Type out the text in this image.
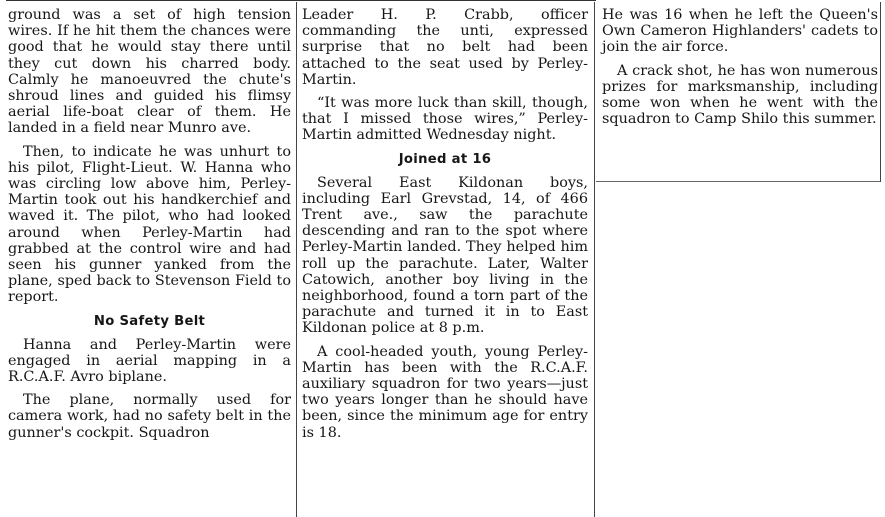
ground was a set of high tension wires. If he hit them the chances were good that he would stay there until they cut down his charred body. Calmly he manoeuvred the chute's shroud lines and guided his flimsy aerial life-boat clear of them. He landed in a field near Munro ave.

Then, to indicate he was unhurt to his pilot, Flight-Lieut. W. Hanna who was circling low above him, Perley-Martin took out his handkerchief and waved it. The pilot, who had looked around when Perley-Martin had grabbed at the control wire and had seen his gunner yanked from the plane, sped back to Stevenson Field to report.

No Safety Belt

Hanna and Perley-Martin were engaged in aerial mapping in a R.C.A.F. Avro biplane.

The plane, normally used for camera work, had no safety belt in the gunner's cockpit. Squadron

Leader H. P. Crabb, officer commanding the unti, expressed surprise that no belt had been attached to the seat used by Perley-Martin.

“It was more luck than skill, though, that I missed those wires,” Perley-Martin admitted Wednesday night.

Joined at 16

Several East Kildonan boys, including Earl Grevstad, 14, of 466 Trent ave., saw the parachute descending and ran to the spot where Perley-Martin landed. They helped him roll up the parachute. Later, Walter Catowich, another boy living in the neighborhood, found a torn part of the parachute and turned it in to East Kildonan police at 8 p.m.

A cool-headed youth, young Perley-Martin has been with the R.C.A.F. auxiliary squadron for two years—just two years longer than he should have been, since the minimum age for entry is 18.

He was 16 when he left the Queen's Own Cameron Highlanders' cadets to join the air force.

A crack shot, he has won numerous prizes for marksmanship, including some won when he went with the squadron to Camp Shilo this summer.
